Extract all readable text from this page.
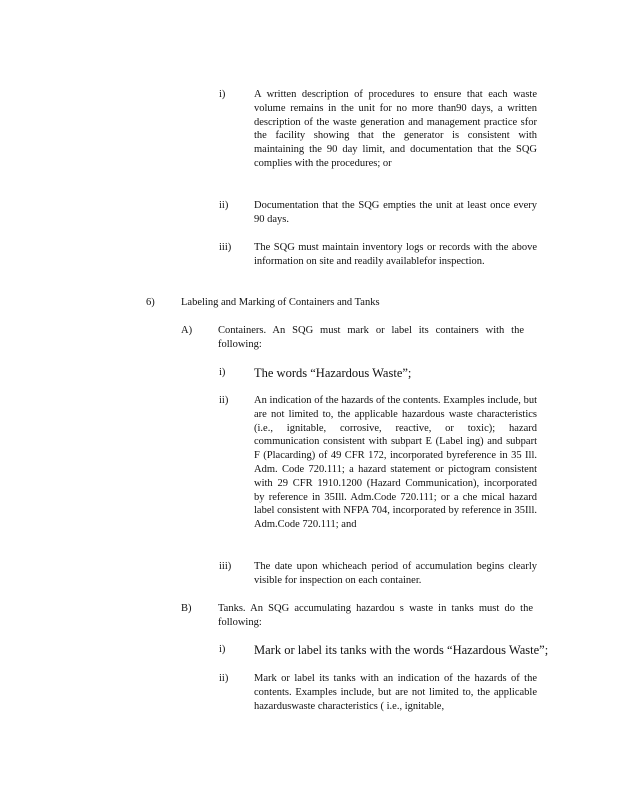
i)	A written description of procedures to ensure that each waste volume remains in the unit for no more than90 days, a written description of the waste generation and management practice sfor the facility showing that the generator is consistent with maintaining the 90 day limit, and documentation that the SQG complies with the procedures; or
ii) Documentation that the SQG empties the unit at least once every 90 days.
iii) The SQG must maintain inventory logs or records with the above information on site and readily availablefor inspection.
6)	Labeling and Marking of Containers and Tanks
A) Containers. An SQG must mark or label its containers with the following:
i) The words “Hazardous Waste”;
ii) An indication of the hazards of the contents. Examples include, but are not limited to, the applicable hazardous waste characteristics (i.e., ignitable, corrosive, reactive, or toxic); hazard communication consistent with subpart E (Label ing) and subpart F (Placarding) of 49 CFR 172, incorporated byreference in 35 Ill. Adm. Code 720.111; a hazard statement or pictogram consistent with 29 CFR 1910.1200 (Hazard Communication), incorporated by reference in 35Ill. Adm.Code 720.111; or a che mical hazard label consistent with NFPA 704, incorporated by reference in 35Ill. Adm.Code 720.111; and
iii) The date upon whicheach period of accumulation begins clearly visible for inspection on each container.
B)	Tanks. An SQG accumulating hazardou s waste in tanks must do the following:
i) Mark or label its tanks with the words “Hazardous Waste”;
ii) Mark or label its tanks with an indication of the hazards of the contents. Examples include, but are not limited to, the applicable hazarduswaste characteristics ( i.e., ignitable,
